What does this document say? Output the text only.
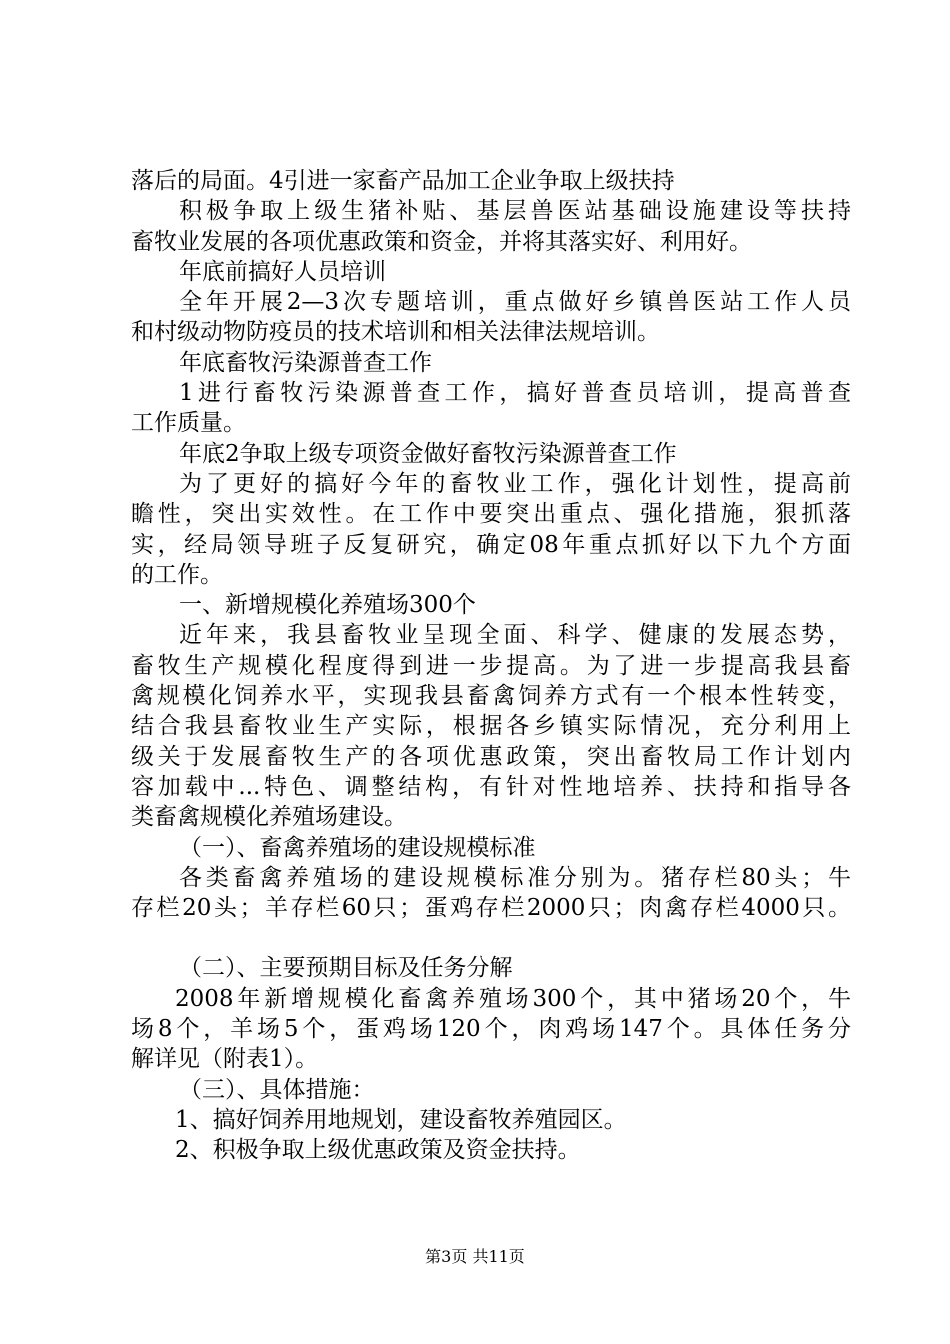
落后的局面。4引进一家畜产品加工企业争取上级扶持
积极争取上级生猪补贴、基层兽医站基础设施建设等扶持
畜牧业发展的各项优惠政策和资金，并将其落实好、利用好。
年底前搞好人员培训
全年开展2—3次专题培训，重点做好乡镇兽医站工作人员
和村级动物防疫员的技术培训和相关法律法规培训。
年底畜牧污染源普查工作
1进行畜牧污染源普查工作，搞好普查员培训，提高普查
工作质量。
年底2争取上级专项资金做好畜牧污染源普查工作
为了更好的搞好今年的畜牧业工作，强化计划性，提高前
瞻性，突出实效性。在工作中要突出重点、强化措施，狠抓落
实，经局领导班子反复研究，确定08年重点抓好以下九个方面
的工作。
一、新增规模化养殖场300个
近年来，我县畜牧业呈现全面、科学、健康的发展态势，
畜牧生产规模化程度得到进一步提高。为了进一步提高我县畜
禽规模化饲养水平，实现我县畜禽饲养方式有一个根本性转变，
结合我县畜牧业生产实际，根据各乡镇实际情况，充分利用上
级关于发展畜牧生产的各项优惠政策，突出畜牧局工作计划内
容加载中...特色、调整结构，有针对性地培养、扶持和指导各
类畜禽规模化养殖场建设。
（一）、畜禽养殖场的建设规模标准
各类畜禽养殖场的建设规模标准分别为。猪存栏80头；牛
存栏20头；羊存栏60只；蛋鸡存栏2000只；肉禽存栏4000只。
（二）、主要预期目标及任务分解
2008年新增规模化畜禽养殖场300个，其中猪场20个，牛
场8个，羊场5个，蛋鸡场120个，肉鸡场147个。具体任务分
解详见（附表1）。
（三）、具体措施：
1、搞好饲养用地规划，建设畜牧养殖园区。
2、积极争取上级优惠政策及资金扶持。
第3页 共11页
